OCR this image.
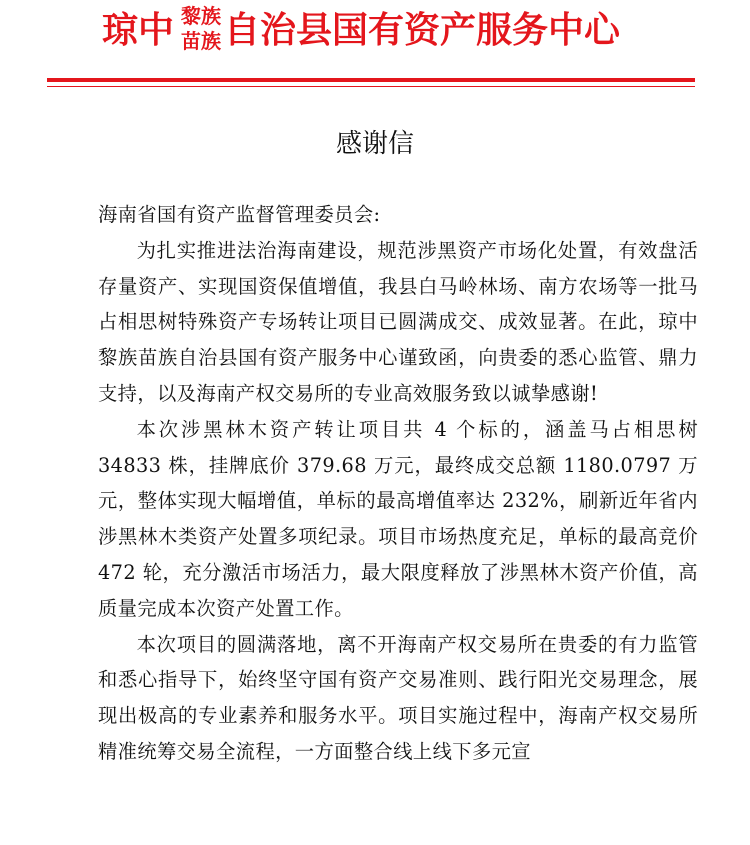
琼中 黎族
苗族 自治县国有资产服务中心
感谢信

海南省国有资产监督管理委员会:

为扎实推进法治海南建设，规范涉黑资产市场化处置，有效盘活存量资产、实现国资保值增值，我县白马岭林场、南方农场等一批马占相思树特殊资产专场转让项目已圆满成交、成效显著。在此，琼中黎族苗族自治县国有资产服务中心谨致函，向贵委的悉心监管、鼎力支持，以及海南产权交易所的专业高效服务致以诚挚感谢!

本次涉黑林木资产转让项目共 4 个标的，涵盖马占相思树 34833 株，挂牌底价 379.68 万元，最终成交总额 1180.0797 万元，整体实现大幅增值，单标的最高增值率达 232%，刷新近年省内涉黑林木类资产处置多项纪录。项目市场热度充足，单标的最高竞价 472 轮，充分激活市场活力，最大限度释放了涉黑林木资产价值，高质量完成本次资产处置工作。

本次项目的圆满落地，离不开海南产权交易所在贵委的有力监管和悉心指导下，始终坚守国有资产交易准则、践行阳光交易理念，展现出极高的专业素养和服务水平。项目实施过程中，海南产权交易所精准统筹交易全流程，一方面整合线上线下多元宣
